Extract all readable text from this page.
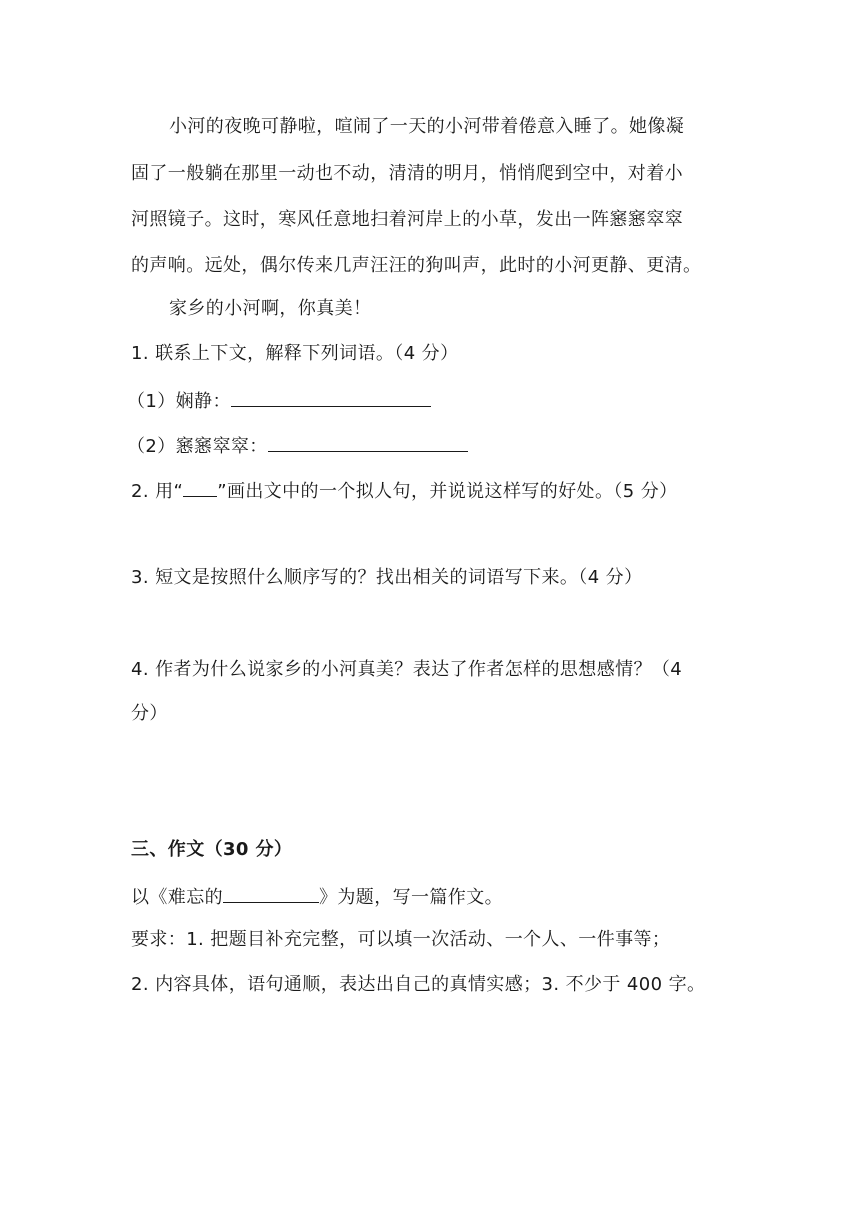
小河的夜晚可静啦，喧闹了一天的小河带着倦意入睡了。她像凝
固了一般躺在那里一动也不动，清清的明月，悄悄爬到空中，对着小
河照镜子。这时，寒风任意地扫着河岸上的小草，发出一阵窸窸窣窣
的声响。远处，偶尔传来几声汪汪的狗叫声，此时的小河更静、更清。
家乡的小河啊，你真美！
1. 联系上下文，解释下列词语。（4 分）
（1）娴静：
（2）窸窸窣窣：
2. 用“ ”画出文中的一个拟人句，并说说这样写的好处。（5 分）
3. 短文是按照什么顺序写的？找出相关的词语写下来。（4 分）
4. 作者为什么说家乡的小河真美？表达了作者怎样的思想感情？（4
分）
三、作文（30 分）
以《难忘的	》为题，写一篇作文。
要求：1. 把题目补充完整，可以填一次活动、一个人、一件事等；
2. 内容具体，语句通顺，表达出自己的真情实感；3. 不少于 400 字。
